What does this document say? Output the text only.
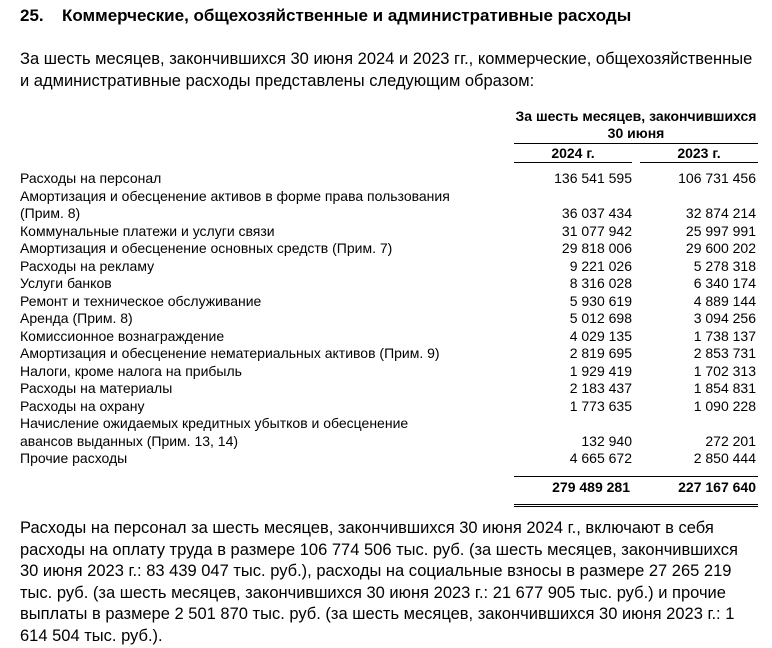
25.	Коммерческие, общехозяйственные и административные расходы
За шесть месяцев, закончившихся 30 июня 2024 и 2023 гг., коммерческие, общехозяйственные и административные расходы представлены следующим образом:
За шесть месяцев, закончившихся 30 июня
2024 г.	2023 г.
Расходы на персонал	136 541 595	106 731 456
Амортизация и обесценение активов в форме права пользования
(Прим. 8)	36 037 434	32 874 214
Коммунальные платежи и услуги связи	31 077 942	25 997 991
Амортизация и обесценение основных средств (Прим. 7)	29 818 006	29 600 202
Расходы на рекламу	9 221 026	5 278 318
Услуги банков	8 316 028	6 340 174
Ремонт и техническое обслуживание	5 930 619	4 889 144
Аренда (Прим. 8)	5 012 698	3 094 256
Комиссионное вознаграждение	4 029 135	1 738 137
Амортизация и обесценение нематериальных активов (Прим. 9)	2 819 695	2 853 731
Налоги, кроме налога на прибыль	1 929 419	1 702 313
Расходы на материалы	2 183 437	1 854 831
Расходы на охрану	1 773 635	1 090 228
Начисление ожидаемых кредитных убытков и обесценение
авансов выданных (Прим. 13, 14)	132 940	272 201
Прочие расходы	4 665 672	2 850 444
279 489 281	227 167 640
Расходы на персонал за шесть месяцев, закончившихся 30 июня 2024 г., включают в себя расходы на оплату труда в размере 106 774 506 тыс. руб. (за шесть месяцев, закончившихся 30 июня 2023 г.: 83 439 047 тыс. руб.), расходы на социальные взносы в размере 27 265 219 тыс. руб. (за шесть месяцев, закончившихся 30 июня 2023 г.: 21 677 905 тыс. руб.) и прочие выплаты в размере 2 501 870 тыс. руб. (за шесть месяцев, закончившихся 30 июня 2023 г.: 1 614 504 тыс. руб.).
